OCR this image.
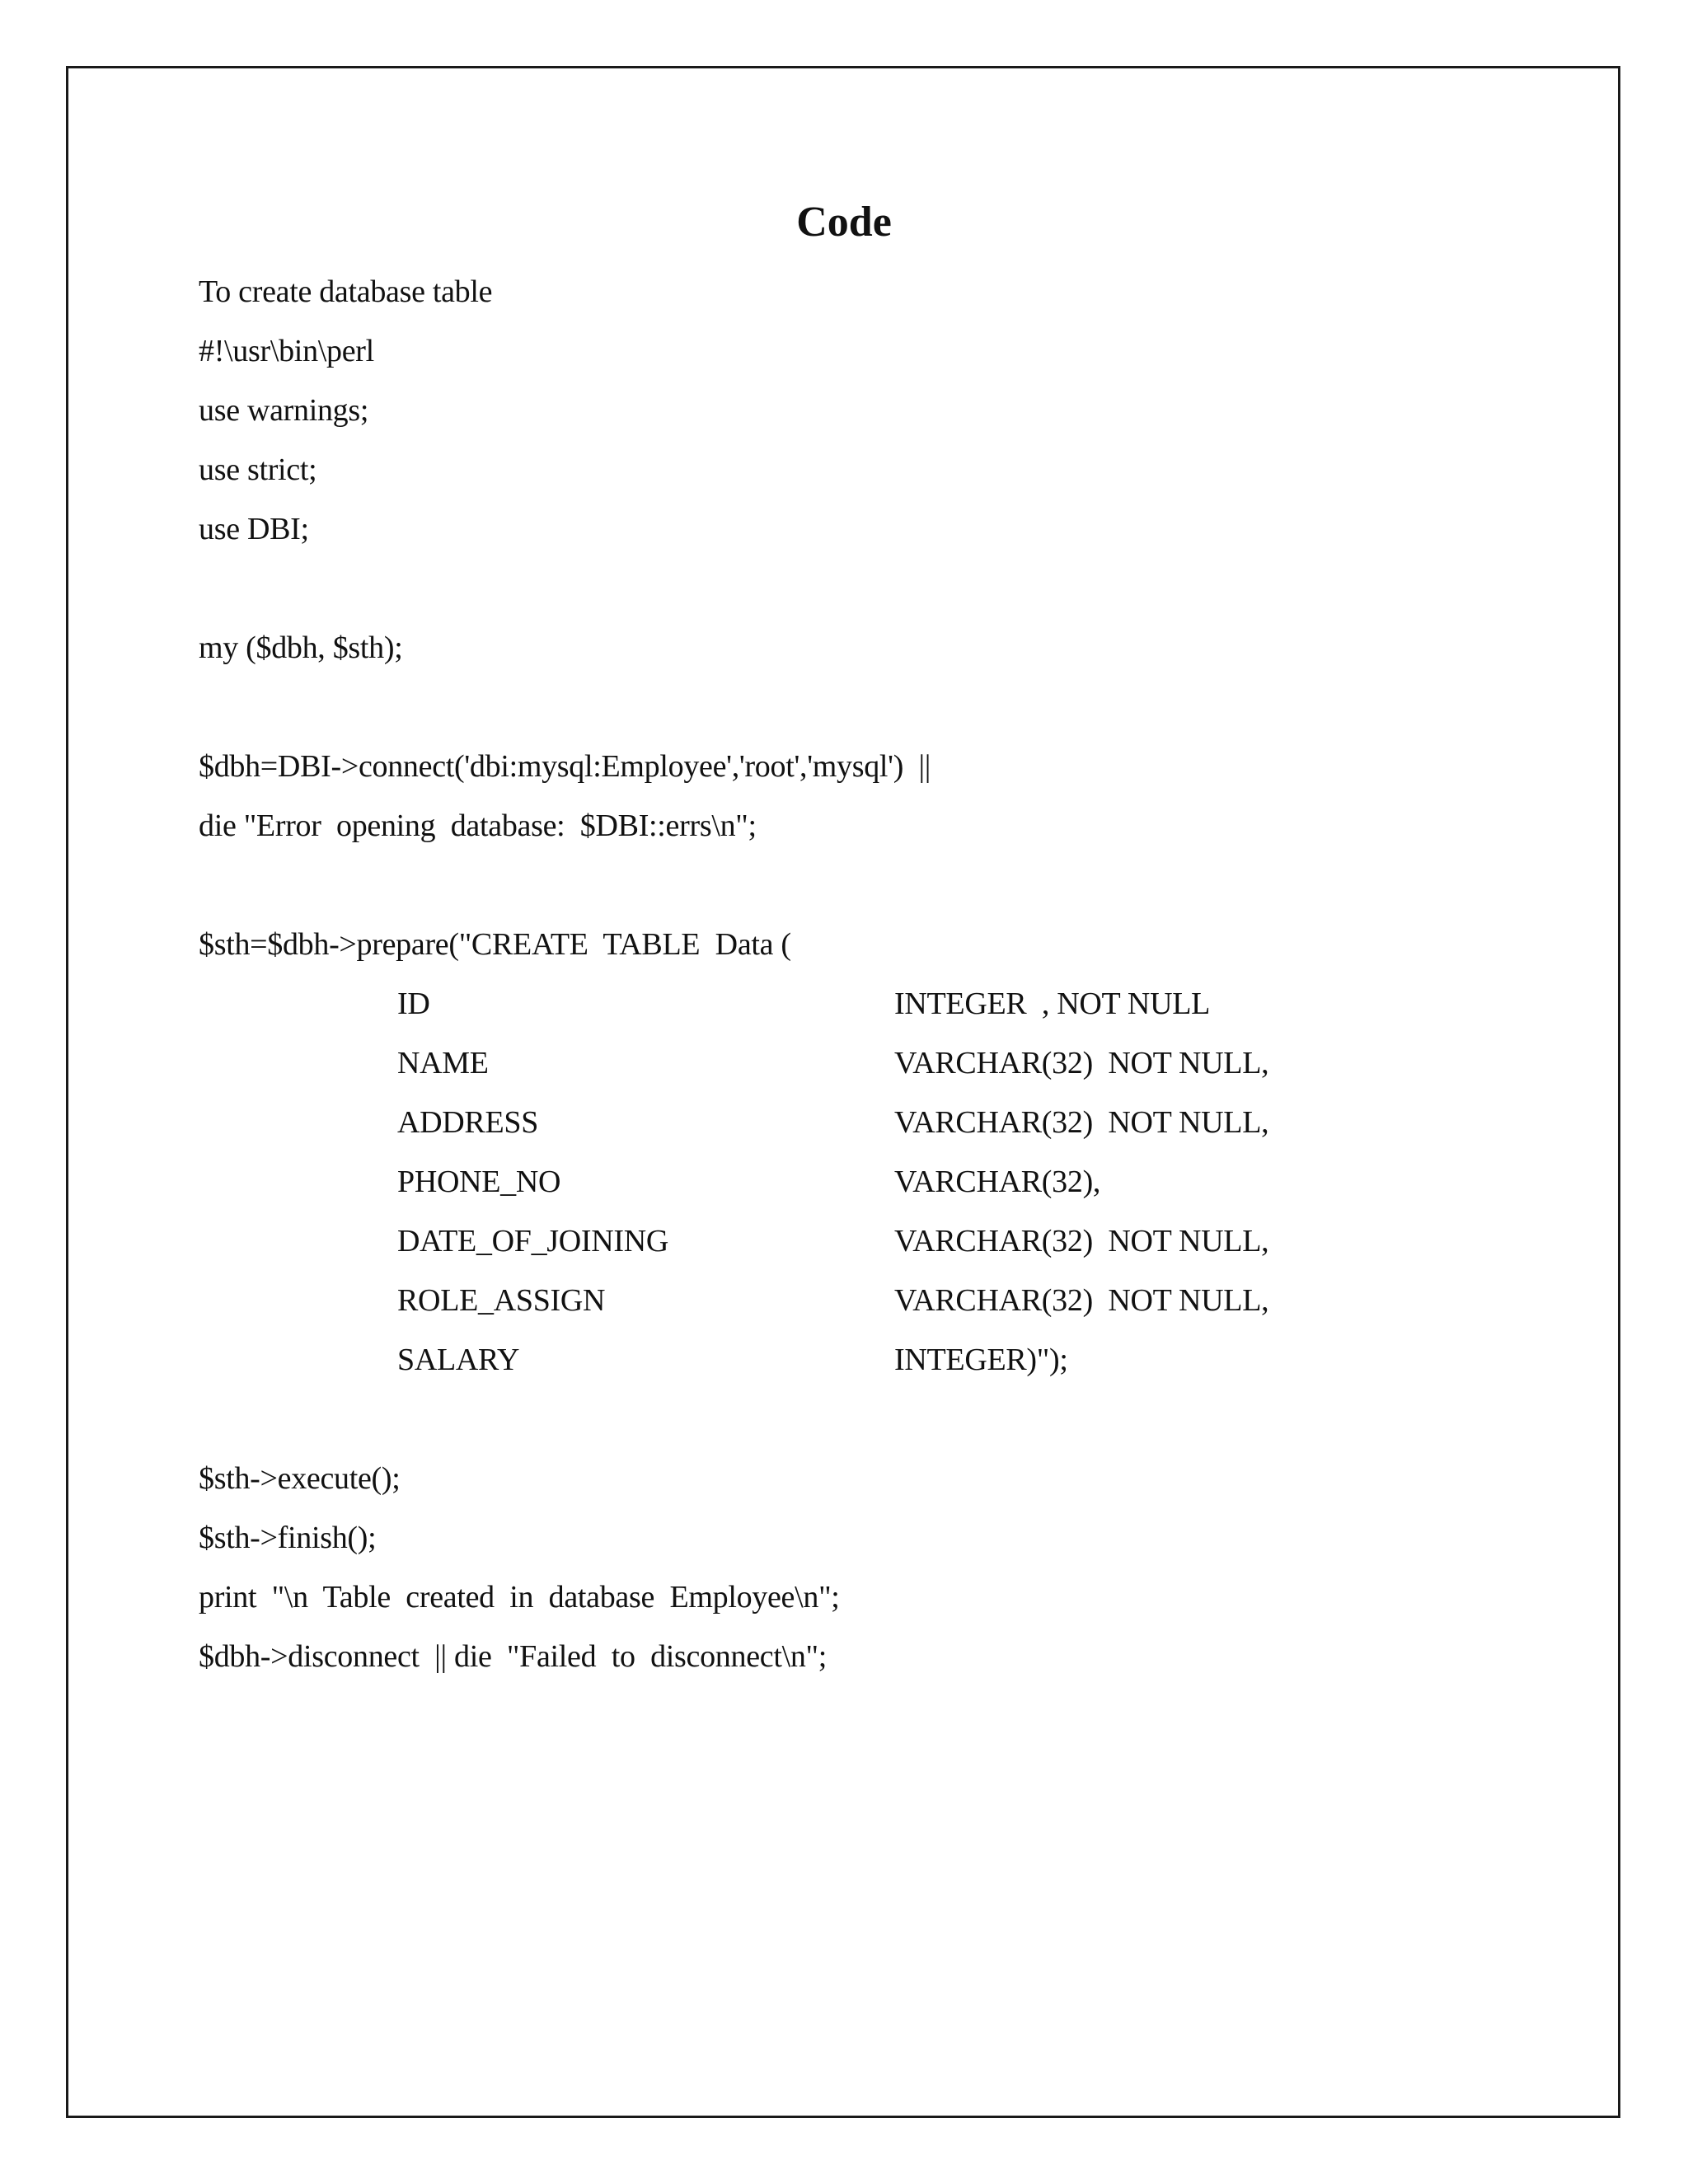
Code
To create database table
#!\usr\bin\perl
use warnings;
use strict;
use DBI;
my ($dbh, $sth);
$dbh=DBI->connect('dbi:mysql:Employee','root','mysql')  ||
die "Error  opening  database:  $DBI::errs\n";
$sth=$dbh->prepare("CREATE  TABLE  Data (
ID	INTEGER  , NOT NULL
NAME	VARCHAR(32)  NOT NULL,
ADDRESS	VARCHAR(32)  NOT NULL,
PHONE_NO	VARCHAR(32),
DATE_OF_JOINING	VARCHAR(32)  NOT NULL,
ROLE_ASSIGN	VARCHAR(32)  NOT NULL,
SALARY	INTEGER)");
$sth->execute();
$sth->finish();
print  "\n  Table  created  in  database  Employee\n";
$dbh->disconnect  || die  "Failed  to  disconnect\n";
